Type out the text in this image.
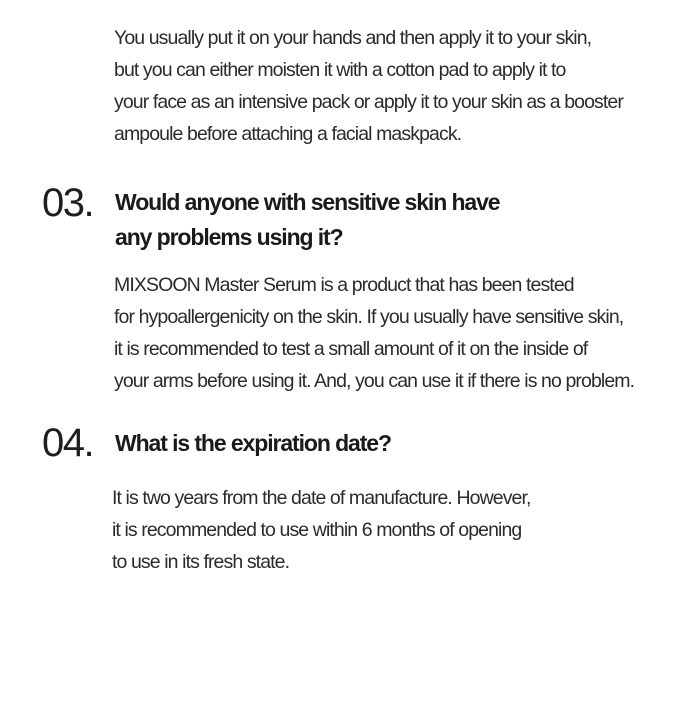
You usually put it on your hands and then apply it to your skin,
but you can either moisten it with a cotton pad to apply it to
your face as an intensive pack or apply it to your skin as a booster
ampoule before attaching a facial maskpack.
03. Would anyone with sensitive skin have
any problems using it?
MIXSOON Master Serum is a product that has been tested
for hypoallergenicity on the skin. If you usually have sensitive skin,
it is recommended to test a small amount of it on the inside of
your arms before using it. And, you can use it if there is no problem.
04. What is the expiration date?
It is two years from the date of manufacture. However,
it is recommended to use within 6 months of opening
to use in its fresh state.
